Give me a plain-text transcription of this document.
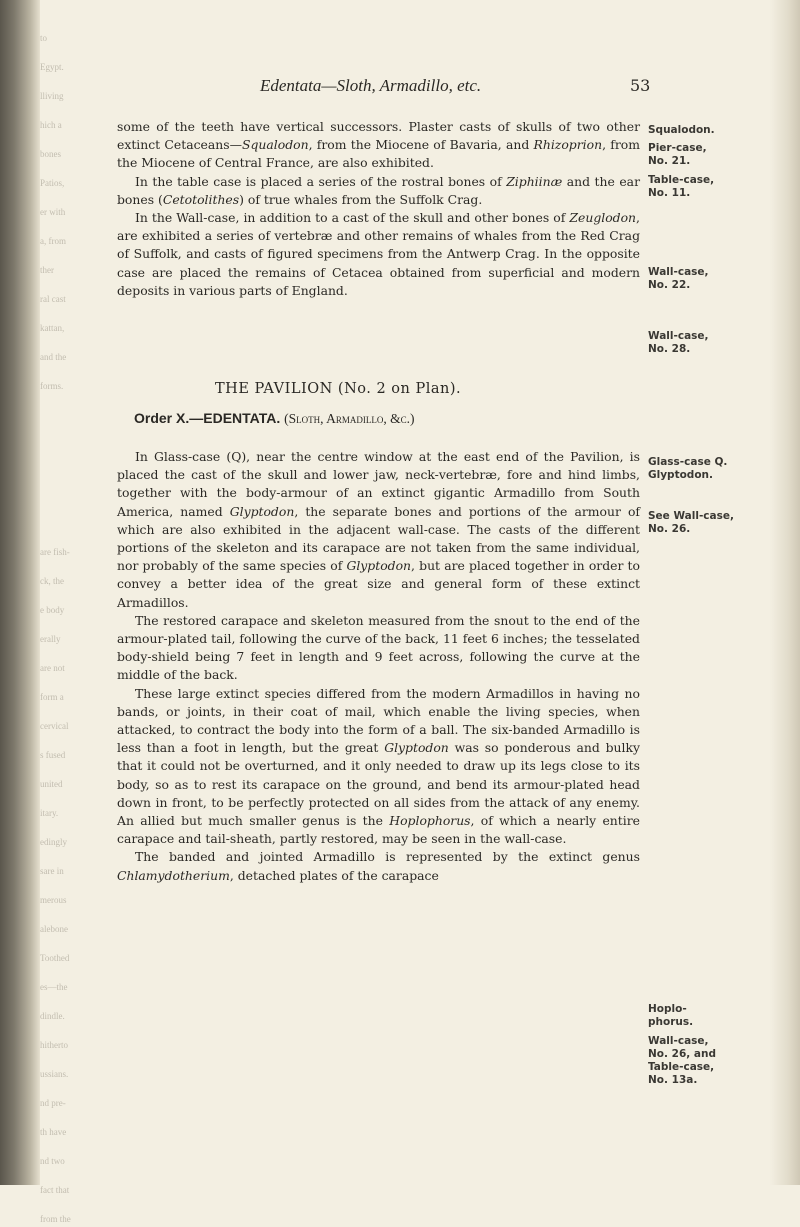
to
Egypt.
lliving
hich a
bones
Patios,
er with
a, from
ther
ral cast
kattan,
and the
forms.
are fish-
ck, the
e body
erally
are not
form a
cervical
s fused
united
itary.
edingly
sare in
merous
alebone
Toothed
es—the
dindle.
hitherto
ussians.
nd pre-
th have
nd two
fact that
from the
Edentata—Sloth, Armadillo, etc.	53

some of the teeth have vertical successors. Plaster casts of skulls of two other extinct Cetaceans—Squalodon, from the Miocene of Bavaria, and Rhizoprion, from the Miocene of Central France, are also exhibited.

In the table case is placed a series of the rostral bones of Ziphiinæ and the ear bones (Cetotolithes) of true whales from the Suffolk Crag.

In the Wall-case, in addition to a cast of the skull and other bones of Zeuglodon, are exhibited a series of vertebræ and other remains of whales from the Red Crag of Suffolk, and casts of figured specimens from the Antwerp Crag. In the opposite case are placed the remains of Cetacea obtained from superficial and modern deposits in various parts of England.

THE PAVILION (No. 2 on Plan).
Order X.—EDENTATA. (Sloth, Armadillo, &c.)

In Glass-case (Q), near the centre window at the east end of the Pavilion, is placed the cast of the skull and lower jaw, neck-vertebræ, fore and hind limbs, together with the body-armour of an extinct gigantic Armadillo from South America, named Glyptodon, the separate bones and portions of the armour of which are also exhibited in the adjacent wall-case. The casts of the different portions of the skeleton and its carapace are not taken from the same individual, nor probably of the same species of Glyptodon, but are placed together in order to convey a better idea of the great size and general form of these extinct Armadillos.

The restored carapace and skeleton measured from the snout to the end of the armour-plated tail, following the curve of the back, 11 feet 6 inches; the tesselated body-shield being 7 feet in length and 9 feet across, following the curve at the middle of the back.

These large extinct species differed from the modern Armadillos in having no bands, or joints, in their coat of mail, which enable the living species, when attacked, to contract the body into the form of a ball. The six-banded Armadillo is less than a foot in length, but the great Glyptodon was so ponderous and bulky that it could not be overturned, and it only needed to draw up its legs close to its body, so as to rest its carapace on the ground, and bend its armour-plated head down in front, to be perfectly protected on all sides from the attack of any enemy. An allied but much smaller genus is the Hoplophorus, of which a nearly entire carapace and tail-sheath, partly restored, may be seen in the wall-case.

The banded and jointed Armadillo is represented by the extinct genus Chlamydotherium, detached plates of the carapace

Squalodon.
Pier-case, No. 21.
Table-case, No. 11.
Wall-case, No. 22.
Wall-case, No. 28.
Glass-case Q. Glyptodon.
See Wall-case, No. 26.
Hoplo-phorus.
Wall-case, No. 26, and Table-case, No. 13a.
